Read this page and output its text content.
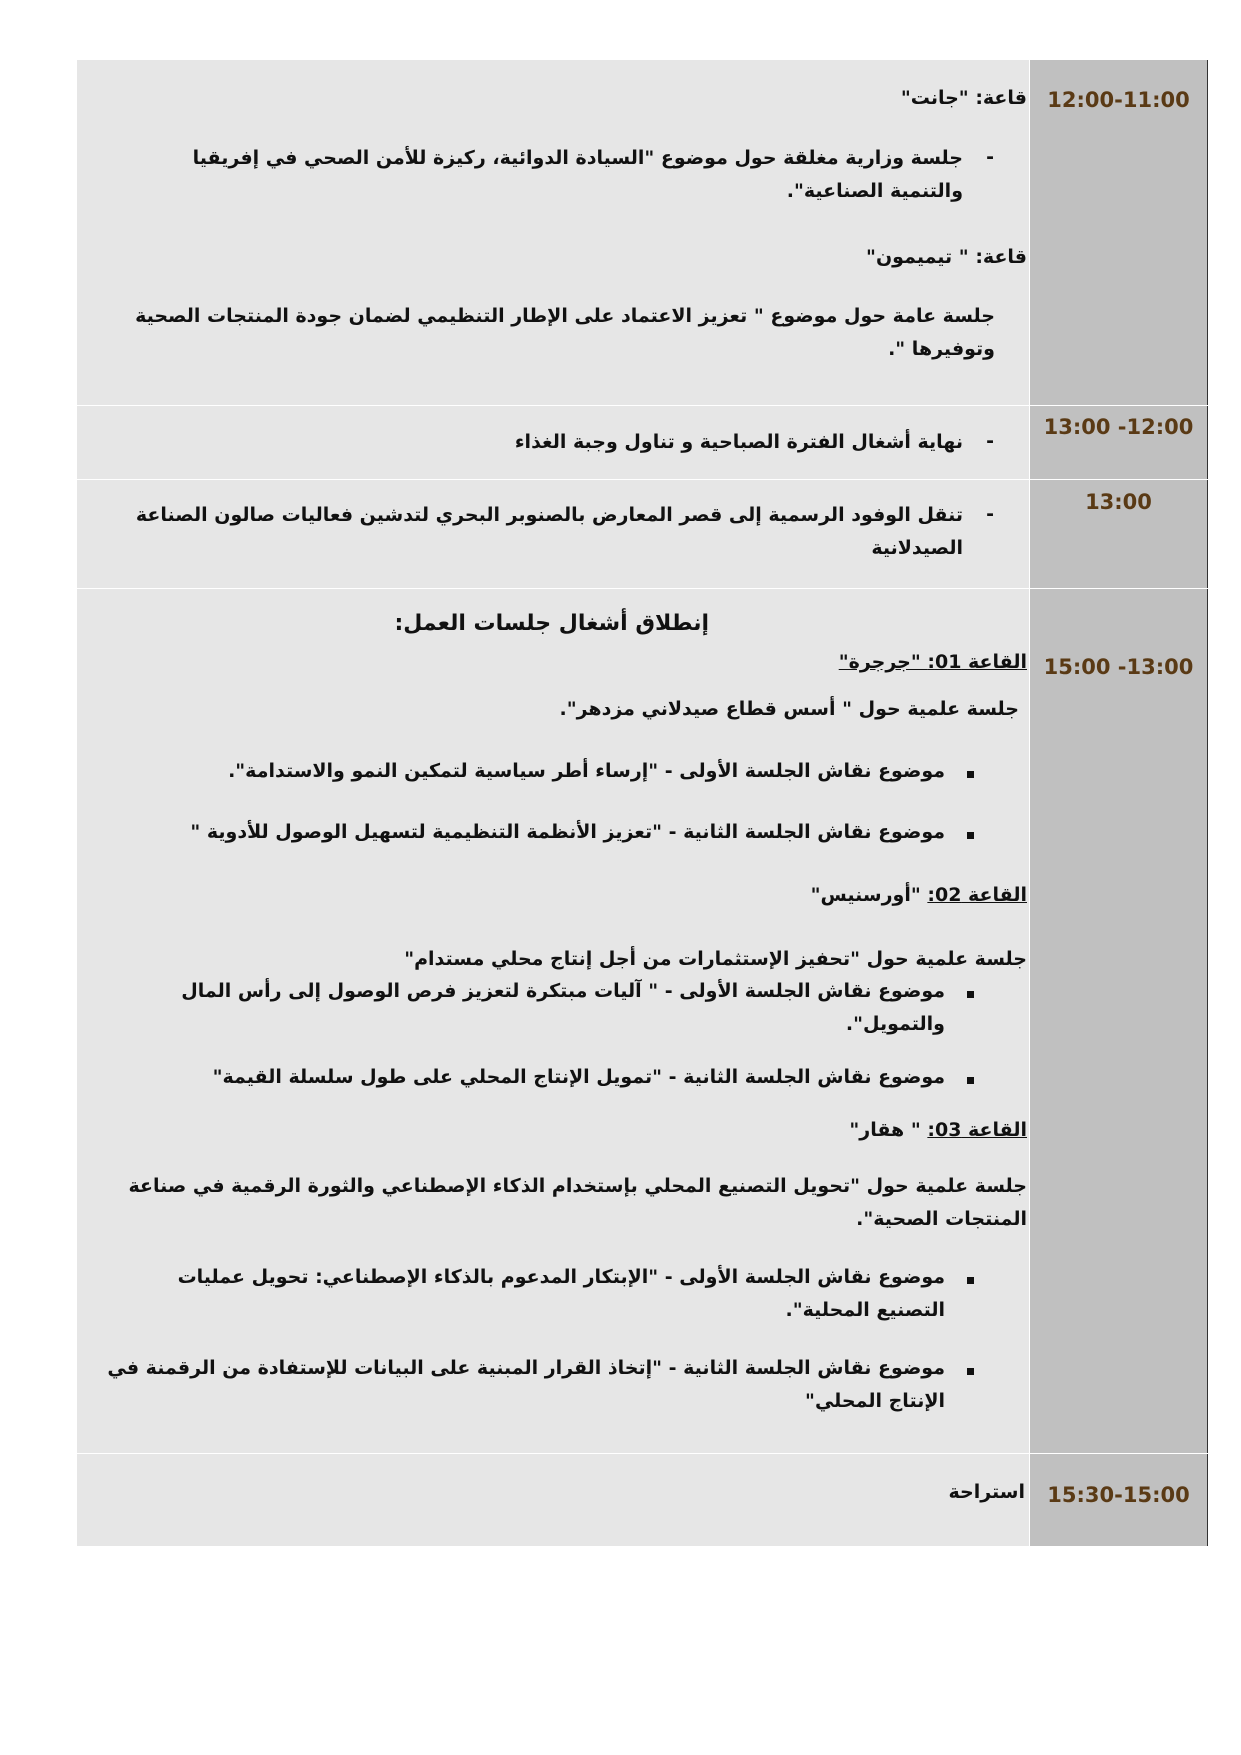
قاعة: "جانت"
-
جلسة وزارية مغلقة حول موضوع "السيادة الدوائية، ركيزة للأمن الصحي في إفريقيا والتنمية الصناعية".
قاعة: " تيميمون"
جلسة عامة حول موضوع " تعزيز الاعتماد على الإطار التنظيمي لضمان جودة المنتجات الصحية وتوفيرها ".
12:00-11:00
-
نهاية أشغال الفترة الصباحية و تناول وجبة الغذاء
13:00 -12:00
-
تنقل الوفود الرسمية إلى قصر المعارض بالصنوبر البحري لتدشين فعاليات صالون الصناعة الصيدلانية
13:00
إنطلاق أشغال جلسات العمل:
القاعة 01: "جرجرة"
جلسة علمية حول " أسس قطاع صيدلاني مزدهر".
موضوع نقاش الجلسة الأولى - "إرساء أطر سياسية لتمكين النمو والاستدامة".
موضوع نقاش الجلسة الثانية - "تعزيز الأنظمة التنظيمية لتسهيل الوصول للأدوية "
القاعة 02: "أورسنيس"
جلسة علمية حول "تحفيز الإستثمارات من أجل إنتاج محلي مستدام"
موضوع نقاش الجلسة الأولى - " آليات مبتكرة لتعزيز فرص الوصول إلى رأس المال والتمويل".
موضوع نقاش الجلسة الثانية - "تمويل الإنتاج المحلي على طول سلسلة القيمة"
القاعة 03: " هقار"
جلسة علمية حول "تحويل التصنيع المحلي بإستخدام الذكاء الإصطناعي والثورة الرقمية في صناعة المنتجات الصحية".
موضوع نقاش الجلسة الأولى - "الإبتكار المدعوم بالذكاء الإصطناعي: تحويل عمليات التصنيع المحلية".
موضوع نقاش الجلسة الثانية - "إتخاذ القرار المبنية على البيانات للإستفادة من الرقمنة في الإنتاج المحلي"
15:00 -13:00
استراحة	15:30-15:00
